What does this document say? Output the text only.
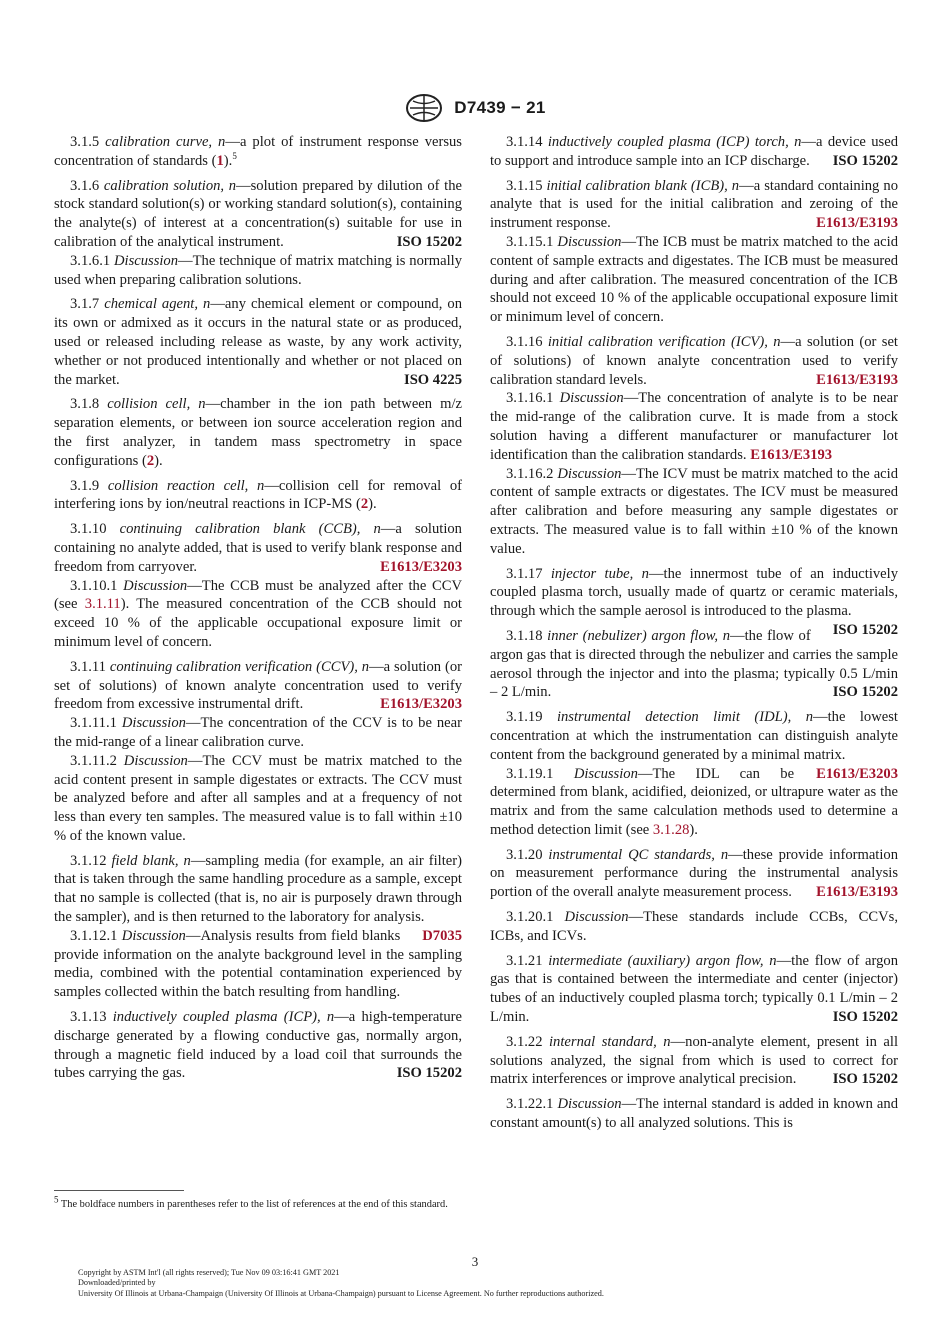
D7439 − 21

3.1.5 calibration curve, n—a plot of instrument response versus concentration of standards (1).$^5$

3.1.6 calibration solution, n—solution prepared by dilution of the stock standard solution(s) or working standard solution(s), containing the analyte(s) of interest at a concentration(s) suitable for use in calibration of the analytical instrument.	ISO 15202

3.1.6.1 Discussion—The technique of matrix matching is normally used when preparing calibration solutions.

3.1.7 chemical agent, n—any chemical element or compound, on its own or admixed as it occurs in the natural state or as produced, used or released including release as waste, by any work activity, whether or not produced intentionally and whether or not placed on the market.	ISO 4225

3.1.8 collision cell, n—chamber in the ion path between m/z separation elements, or between ion source acceleration region and the first analyzer, in tandem mass spectrometry in space configurations (2).

3.1.9 collision reaction cell, n—collision cell for removal of interfering ions by ion/neutral reactions in ICP-MS (2).

3.1.10 continuing calibration blank (CCB), n—a solution containing no analyte added, that is used to verify blank response and freedom from carryover.	E1613/E3203

3.1.10.1 Discussion—The CCB must be analyzed after the CCV (see 3.1.11). The measured concentration of the CCB should not exceed 10 % of the applicable occupational exposure limit or minimum level of concern.

3.1.11 continuing calibration verification (CCV), n—a solution (or set of solutions) of known analyte concentration used to verify freedom from excessive instrumental drift.	E1613/E3203

3.1.11.1 Discussion—The concentration of the CCV is to be near the mid-range of a linear calibration curve.

3.1.11.2 Discussion—The CCV must be matrix matched to the acid content present in sample digestates or extracts. The CCV must be analyzed before and after all samples and at a frequency of not less than every ten samples. The measured value is to fall within ±10 % of the known value.

3.1.12 field blank, n—sampling media (for example, an air filter) that is taken through the same handling procedure as a sample, except that no sample is collected (that is, no air is purposely drawn through the sampler), and is then returned to the laboratory for analysis.
D7035

3.1.12.1 Discussion—Analysis results from field blanks provide information on the analyte background level in the sampling media, combined with the potential contamination experienced by samples collected within the batch resulting from handling.

3.1.13 inductively coupled plasma (ICP), n—a high-temperature discharge generated by a flowing conductive gas, normally argon, through a magnetic field induced by a load coil that surrounds the tubes carrying the gas.	ISO 15202

3.1.14 inductively coupled plasma (ICP) torch, n—a device used to support and introduce sample into an ICP discharge.	ISO 15202

3.1.15 initial calibration blank (ICB), n—a standard containing no analyte that is used for the initial calibration and zeroing of the instrument response.	E1613/E3193

3.1.15.1 Discussion—The ICB must be matrix matched to the acid content of sample extracts and digestates. The ICB must be measured during and after calibration. The measured concentration of the ICB should not exceed 10 % of the applicable occupational exposure limit or minimum level of concern.

3.1.16 initial calibration verification (ICV), n—a solution (or set of solutions) of known analyte concentration used to verify calibration standard levels.	E1613/E3193

3.1.16.1 Discussion—The concentration of analyte is to be near the mid-range of the calibration curve. It is made from a stock solution having a different manufacturer or manufacturer lot identification than the calibration standards. E1613/E3193

3.1.16.2 Discussion—The ICV must be matrix matched to the acid content of sample extracts or digestates. The ICV must be measured after calibration and before measuring any sample digestates or extracts. The measured value is to fall within ±10 % of the known value.

3.1.17 injector tube, n—the innermost tube of an inductively coupled plasma torch, usually made of quartz or ceramic materials, through which the sample aerosol is introduced to the plasma.
ISO 15202

3.1.18 inner (nebulizer) argon flow, n—the flow of argon gas that is directed through the nebulizer and carries the sample aerosol through the injector and into the plasma; typically 0.5 L/min – 2 L/min.	ISO 15202

3.1.19 instrumental detection limit (IDL), n—the lowest concentration at which the instrumentation can distinguish analyte content from the background generated by a minimal matrix.
E1613/E3203

3.1.19.1 Discussion—The IDL can be determined from blank, acidified, deionized, or ultrapure water as the matrix and from the same calculation methods used to determine a method detection limit (see 3.1.28).

3.1.20 instrumental QC standards, n—these provide information on measurement performance during the instrumental analysis portion of the overall analyte measurement process.	E1613/E3193

3.1.20.1 Discussion—These standards include CCBs, CCVs, ICBs, and ICVs.

3.1.21 intermediate (auxiliary) argon flow, n—the flow of argon gas that is contained between the intermediate and center (injector) tubes of an inductively coupled plasma torch; typically 0.1 L/min – 2 L/min.	ISO 15202

3.1.22 internal standard, n—non-analyte element, present in all solutions analyzed, the signal from which is used to correct for matrix interferences or improve analytical precision.	ISO 15202

3.1.22.1 Discussion—The internal standard is added in known and constant amount(s) to all analyzed solutions. This is

5 The boldface numbers in parentheses refer to the list of references at the end of this standard.
3
Copyright by ASTM Int'l (all rights reserved); Tue Nov 09 03:16:41 GMT 2021
Downloaded/printed by
University Of Illinois at Urbana-Champaign (University Of Illinois at Urbana-Champaign) pursuant to License Agreement. No further reproductions authorized.
